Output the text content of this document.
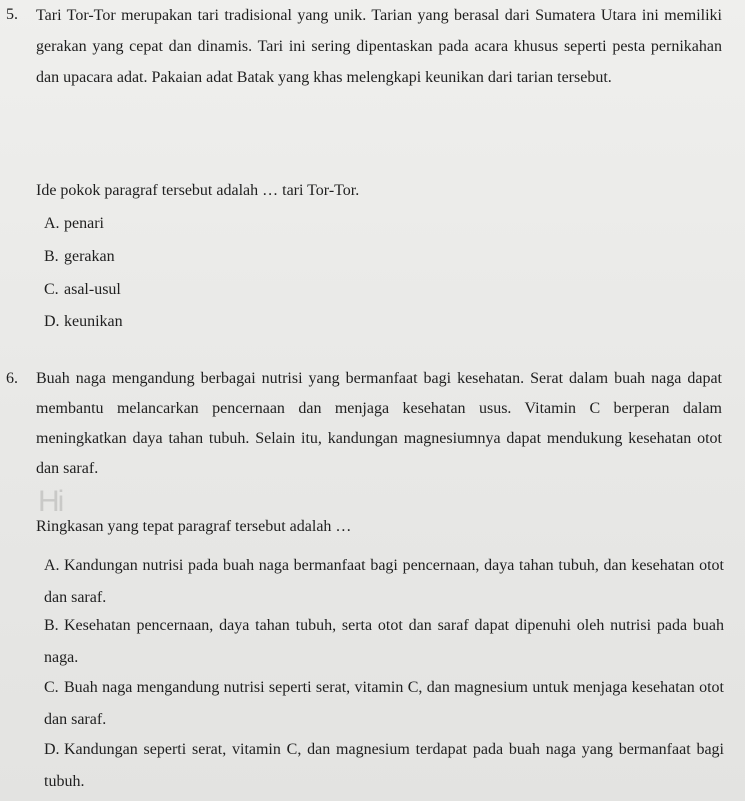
5. Tari Tor-Tor merupakan tari tradisional yang unik. Tarian yang berasal dari Sumatera Utara ini memiliki gerakan yang cepat dan dinamis. Tari ini sering dipentaskan pada acara khusus seperti pesta pernikahan dan upacara adat. Pakaian adat Batak yang khas melengkapi keunikan dari tarian tersebut.
Ide pokok paragraf tersebut adalah … tari Tor-Tor.
A. penari
B. gerakan
C. asal-usul
D. keunikan
6. Buah naga mengandung berbagai nutrisi yang bermanfaat bagi kesehatan. Serat dalam buah naga dapat membantu melancarkan pencernaan dan menjaga kesehatan usus. Vitamin C berperan dalam meningkatkan daya tahan tubuh. Selain itu, kandungan magnesiumnya dapat mendukung kesehatan otot dan saraf.
Hi
Ringkasan yang tepat paragraf tersebut adalah …
A. Kandungan nutrisi pada buah naga bermanfaat bagi pencernaan, daya tahan tubuh, dan kesehatan otot dan saraf.
B. Kesehatan pencernaan, daya tahan tubuh, serta otot dan saraf dapat dipenuhi oleh nutrisi pada buah naga.
C. Buah naga mengandung nutrisi seperti serat, vitamin C, dan magnesium untuk menjaga kesehatan otot dan saraf.
D. Kandungan seperti serat, vitamin C, dan magnesium terdapat pada buah naga yang bermanfaat bagi tubuh.
